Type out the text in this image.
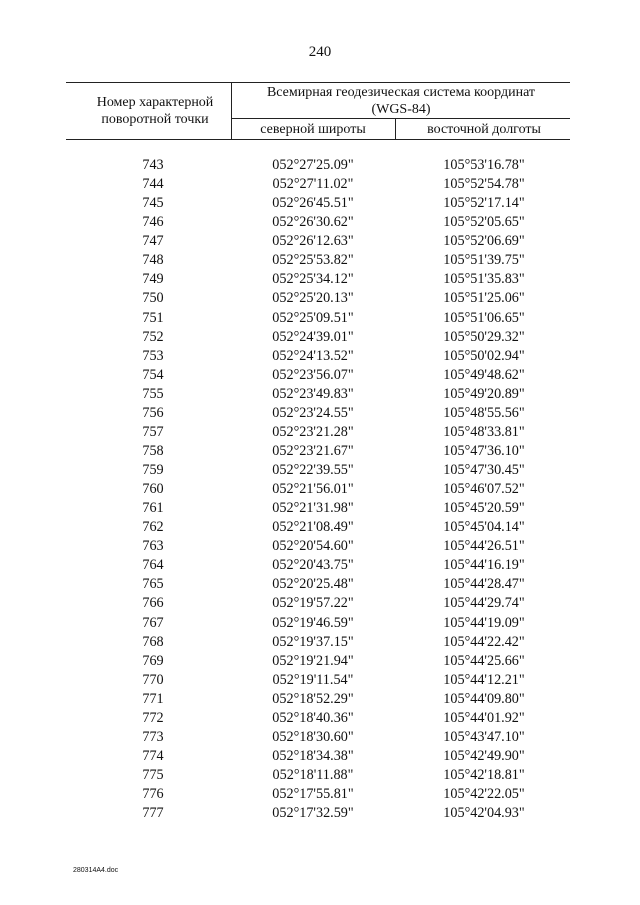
240
Номер характерной поворотной точки
Всемирная геодезическая система координат
(WGS-84)
северной широты	восточной долготы
743	052°27'25.09"	105°53'16.78"
744	052°27'11.02"	105°52'54.78"
745	052°26'45.51"	105°52'17.14"
746	052°26'30.62"	105°52'05.65"
747	052°26'12.63"	105°52'06.69"
748	052°25'53.82"	105°51'39.75"
749	052°25'34.12"	105°51'35.83"
750	052°25'20.13"	105°51'25.06"
751	052°25'09.51"	105°51'06.65"
752	052°24'39.01"	105°50'29.32"
753	052°24'13.52"	105°50'02.94"
754	052°23'56.07"	105°49'48.62"
755	052°23'49.83"	105°49'20.89"
756	052°23'24.55"	105°48'55.56"
757	052°23'21.28"	105°48'33.81"
758	052°23'21.67"	105°47'36.10"
759	052°22'39.55"	105°47'30.45"
760	052°21'56.01"	105°46'07.52"
761	052°21'31.98"	105°45'20.59"
762	052°21'08.49"	105°45'04.14"
763	052°20'54.60"	105°44'26.51"
764	052°20'43.75"	105°44'16.19"
765	052°20'25.48"	105°44'28.47"
766	052°19'57.22"	105°44'29.74"
767	052°19'46.59"	105°44'19.09"
768	052°19'37.15"	105°44'22.42"
769	052°19'21.94"	105°44'25.66"
770	052°19'11.54"	105°44'12.21"
771	052°18'52.29"	105°44'09.80"
772	052°18'40.36"	105°44'01.92"
773	052°18'30.60"	105°43'47.10"
774	052°18'34.38"	105°42'49.90"
775	052°18'11.88"	105°42'18.81"
776	052°17'55.81"	105°42'22.05"
777	052°17'32.59"	105°42'04.93"
280314A4.doc
